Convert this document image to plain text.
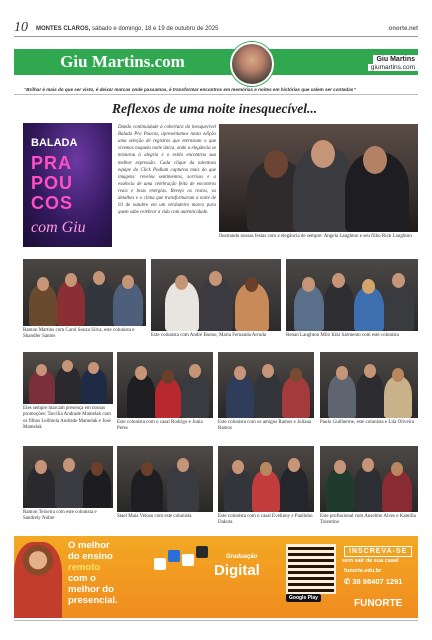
10 MONTES CLAROS, sábado e domingo, 18 e 19 de outubro de 2025	onorte.net
Giu Martins.com	Giu Martins
giumartins.com
“Brilhar é mais do que ser visto, é deixar marcas onde passamos, é transformar encontros em memórias e noites em histórias que valem ser contadas”
Reflexos de uma noite inesquecível...
BALADA
PRA
POU
COS
com Giu
Dando continuidade à cobertura do inesquecível Balada Pra Poucos, apresentamos nesta edição uma seleção de registros que eternizam o que vivemos naquela noite única, onde a elegância se misturou à alegria e o estilo encontrou sua melhor expressão. Cada clique da talentosa equipe do Click Podium capturou mais do que imagens: revelou sentimentos, sorrisos e a essência de uma celebração feita de encontros reais e boas energias. Revejo os rostos, os detalhes e o clima que transformaram a noite de 03 de outubro em um verdadeiro marco para quem sabe celebrar a vida com autenticidade.
Ilustrando nossas festas com a elegância de sempre: Angela Laughton e seu filho Rick Laughton
Ramon Martins com Carol Souza Silva, este colunista e Shandler Santos	Este colunista com André Bueno, Maria Fernanda Arruda	Renan Laughton Milo Kiki Sarmento com este colunista
Eles sempre marcam presença em nossas promoções: Tarcília Andrade Mamelak com os filhos Leilhiela Andrade Mamelak e José Mamelak
Este colunista com o casal Rodrigo e Junia Peres
Este colunista com os amigos Ramos e Juliana Ramos
Paulo Guilherme, este colunista e Lila Oliveira
Ramon Teixeira com este colunista e Sandrely Nobre	Stael Maia Veloso com este colunista	Este colunista com o casal Evelinny e Paulinho Dakota
Este profissional com Anselmo Alves e Kamilla Tolentino
O melhor
do ensino
remoto
com o
melhor do
presencial.
Graduação
Digital
Google Play
INSCREVA-SE
sem sair de sua casa!
funorte.edu.br
✆ 38 98407 1291
FUNORTE
